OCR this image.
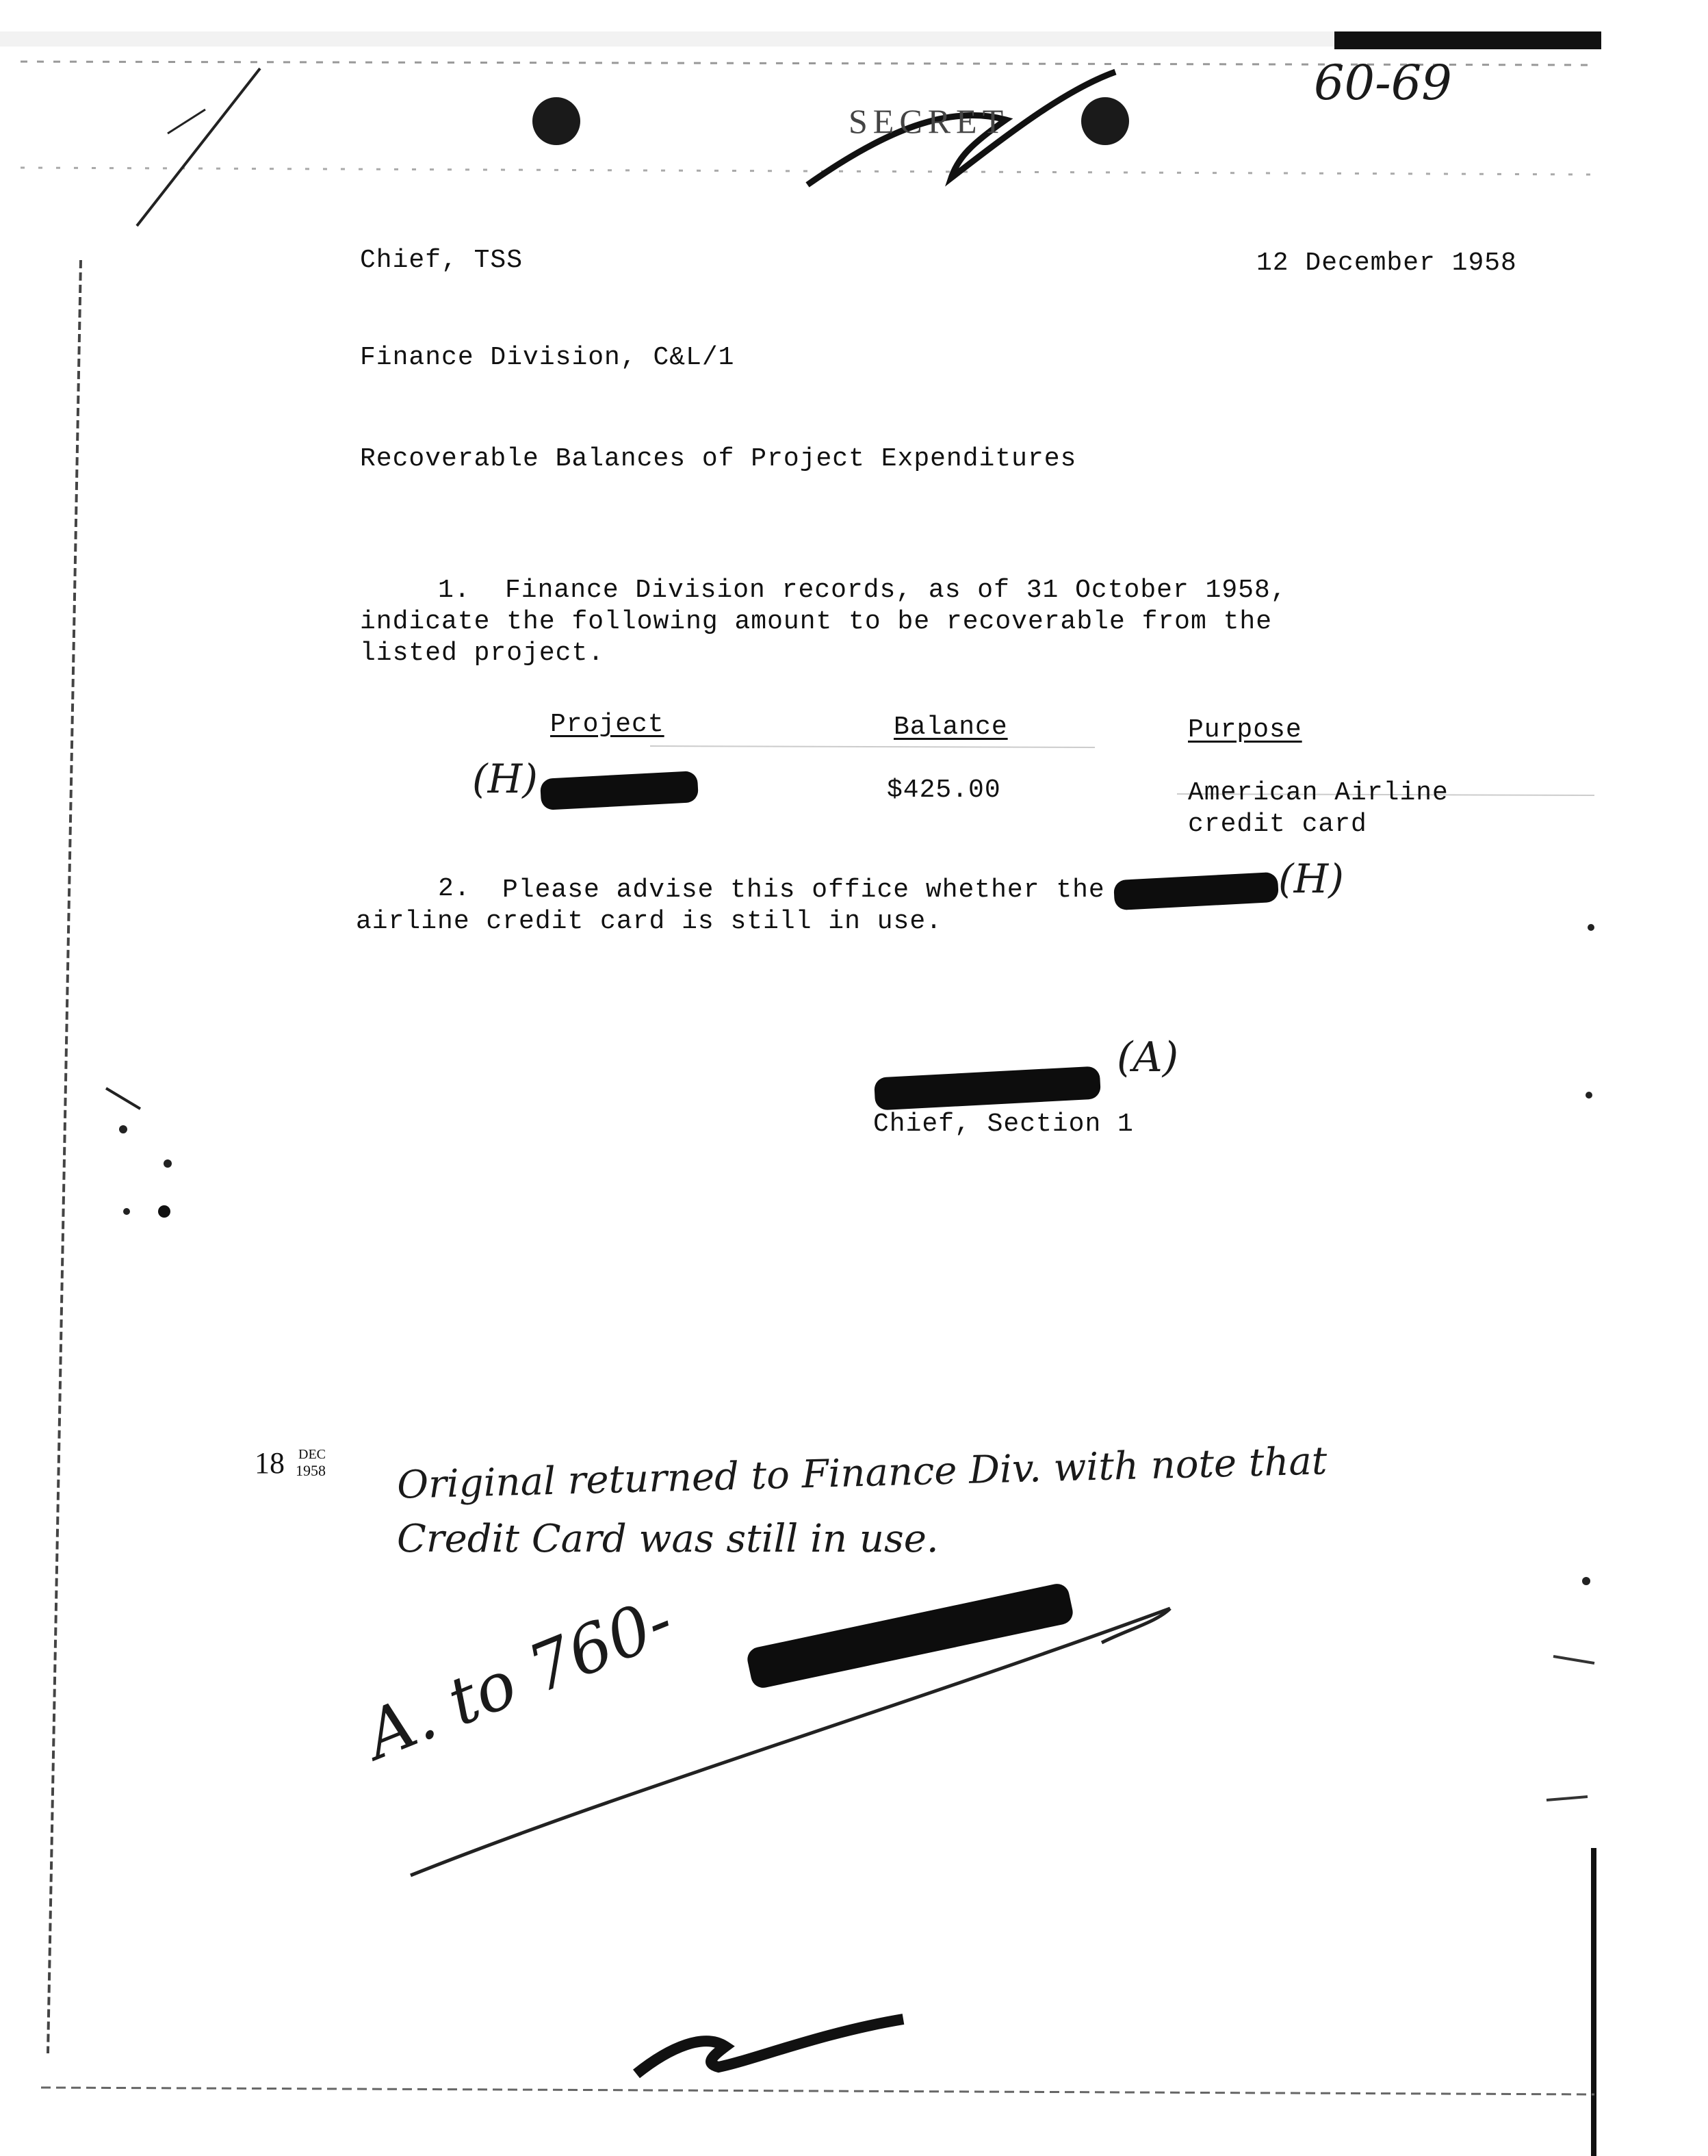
SECRET
60-69
Chief, TSS	12 December 1958
Finance Division, C&L/1
Recoverable Balances of Project Expenditures
1. Finance Division records, as of 31 October 1958,
indicate the following amount to be recoverable from the
listed project.
Project	Balance	Purpose
(H)	$425.00	American Airline
credit card
2. Please advise this office whether the	(H)
airline credit card is still in use.
(A)
Chief, Section 1
18 DEC
1958 Original returned to Finance Div. with note that
Credit Card was still in use.
A. to 760-
